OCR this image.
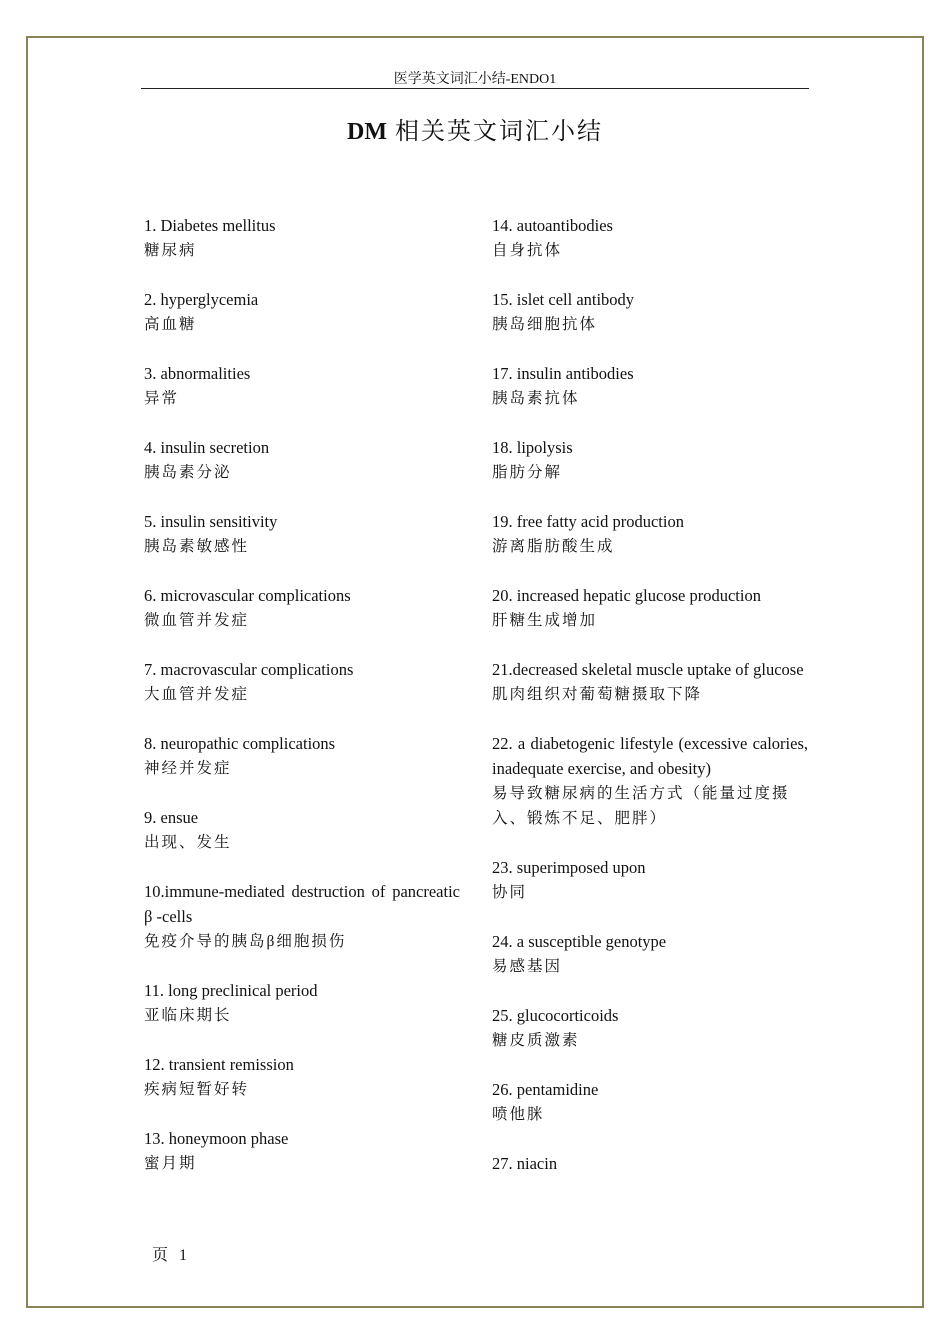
医学英文词汇小结-ENDO1
DM 相关英文词汇小结
1. Diabetes mellitus
糖尿病
2. hyperglycemia
高血糖
3. abnormalities
异常
4. insulin secretion
胰岛素分泌
5. insulin sensitivity
胰岛素敏感性
6. microvascular complications
微血管并发症
7. macrovascular complications
大血管并发症
8. neuropathic complications
神经并发症
9. ensue
出现、发生
10.immune-mediated destruction of pancreatic β -cells
免疫介导的胰岛β细胞损伤
11. long preclinical period
亚临床期长
12. transient remission
疾病短暂好转
13. honeymoon phase
蜜月期
14. autoantibodies
自身抗体
15. islet cell antibody
胰岛细胞抗体
17. insulin antibodies
胰岛素抗体
18. lipolysis
脂肪分解
19. free fatty acid production
游离脂肪酸生成
20. increased hepatic glucose production
肝糖生成增加
21.decreased skeletal muscle uptake of glucose
肌肉组织对葡萄糖摄取下降
22. a diabetogenic lifestyle (excessive calories, inadequate exercise, and obesity)
易导致糖尿病的生活方式（能量过度摄入、锻炼不足、肥胖）
23. superimposed upon
协同
24. a susceptible genotype
易感基因
25. glucocorticoids
糖皮质激素
26. pentamidine
喷他脒
27. niacin
页 1
